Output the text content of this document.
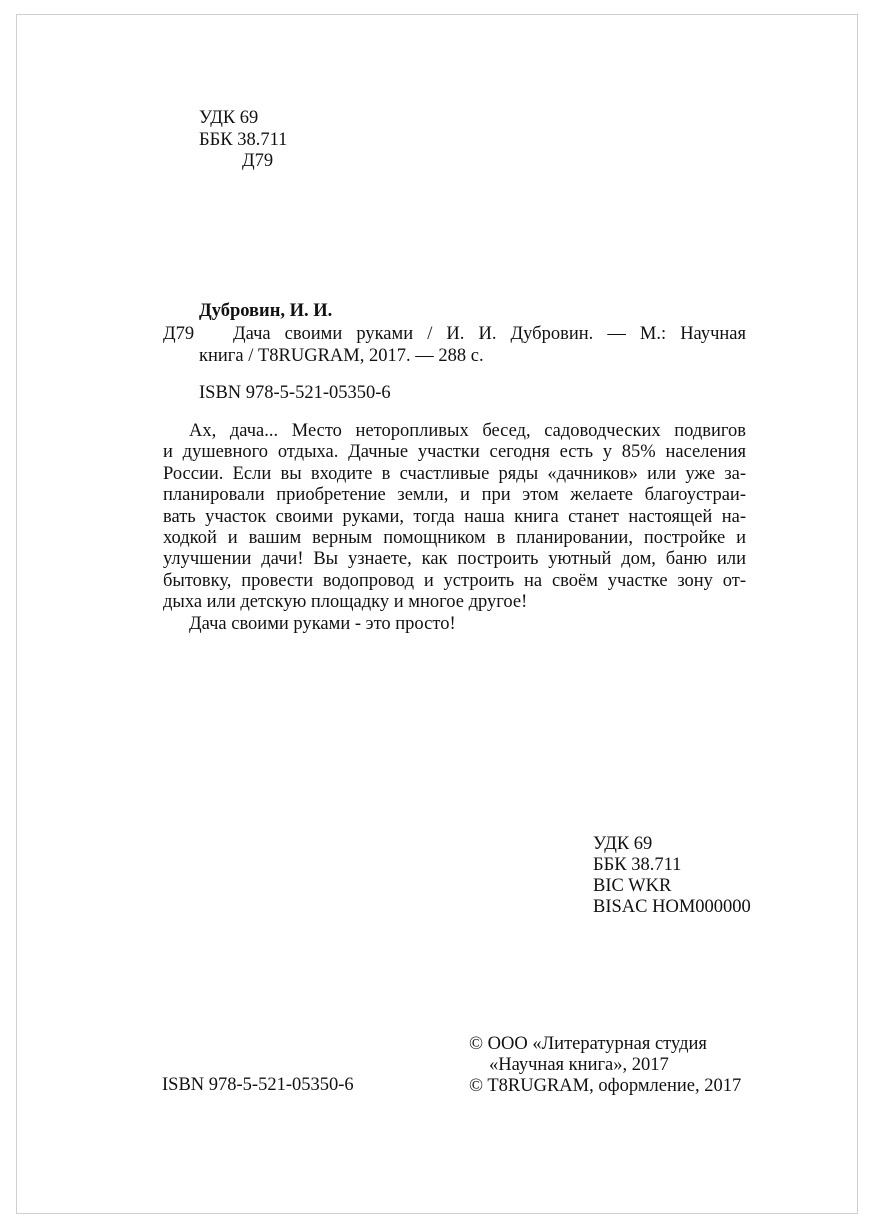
УДК 69
ББК 38.711
Д79
Дубровин, И. И.
Д79 Дача своими руками / И. И. Дубровин. — М.: Научная
книга / T8RUGRAM, 2017. — 288 с.
ISBN 978-5-521-05350-6
Ах, дача... Место неторопливых бесед, садоводческих подвигов
и душевного отдыха. Дачные участки сегодня есть у 85% населения
России. Если вы входите в счастливые ряды «дачников» или уже за-
планировали приобретение земли, и при этом желаете благоустраи-
вать участок своими руками, тогда наша книга станет настоящей на-
ходкой и вашим верным помощником в планировании, постройке и
улучшении дачи! Вы узнаете, как построить уютный дом, баню или
бытовку, провести водопровод и устроить на своём участке зону от-
дыха или детскую площадку и многое другое!
Дача своими руками - это просто!
УДК 69
ББК 38.711
BIC WKR
BISAC HOM000000
ISBN 978-5-521-05350-6
© ООО «Литературная студия
«Научная книга», 2017
© T8RUGRAM, оформление, 2017
